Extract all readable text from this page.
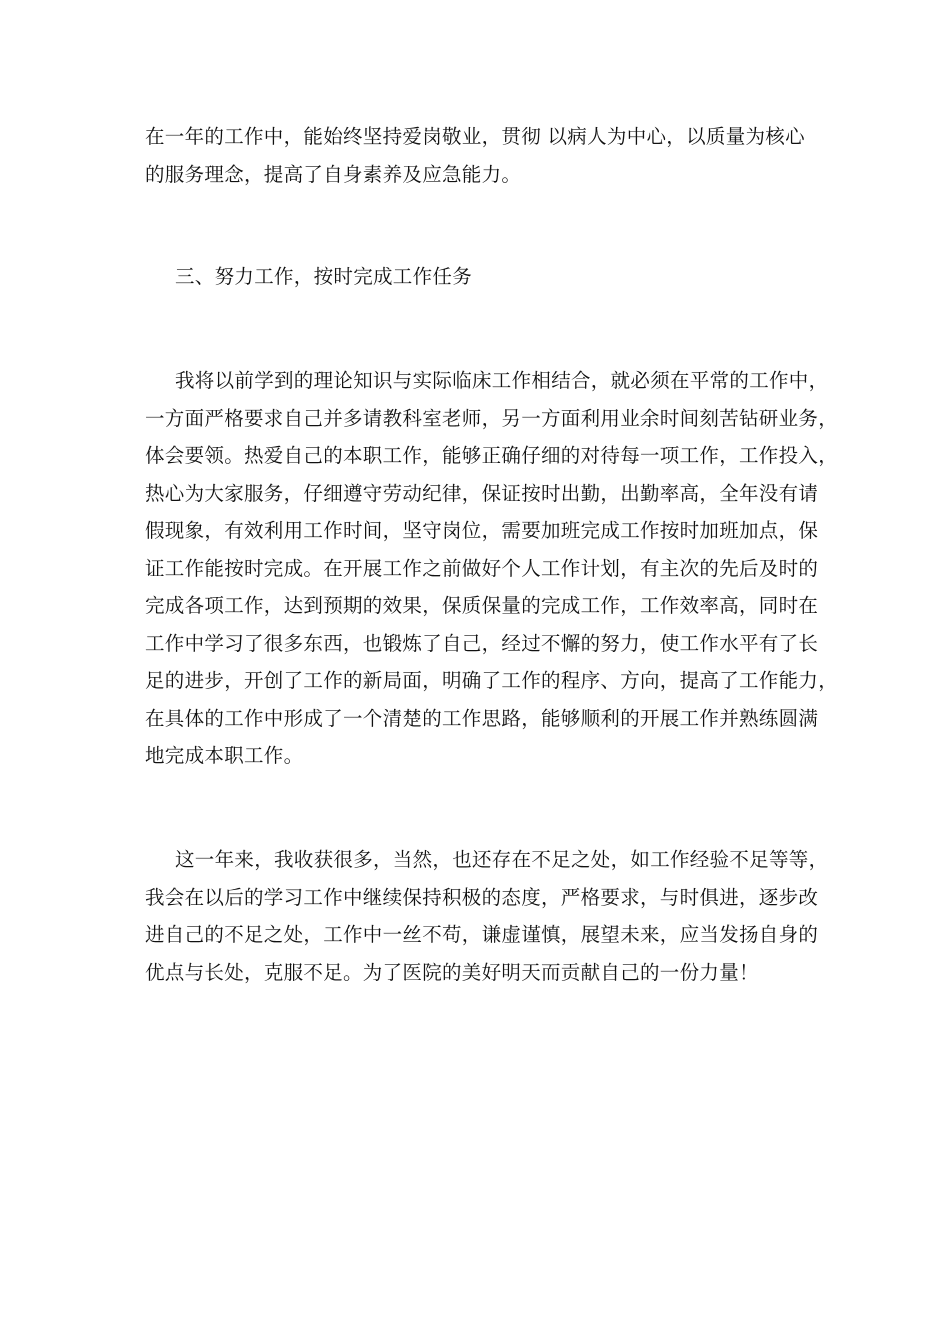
在一年的工作中，能始终坚持爱岗敬业，贯彻 以病人为中心，以质量为核心
的服务理念，提高了自身素养及应急能力。
三、努力工作，按时完成工作任务
我将以前学到的理论知识与实际临床工作相结合，就必须在平常的工作中，
一方面严格要求自己并多请教科室老师，另一方面利用业余时间刻苦钻研业务，
体会要领。热爱自己的本职工作，能够正确仔细的对待每一项工作，工作投入，
热心为大家服务，仔细遵守劳动纪律，保证按时出勤，出勤率高，全年没有请
假现象，有效利用工作时间，坚守岗位，需要加班完成工作按时加班加点，保
证工作能按时完成。在开展工作之前做好个人工作计划，有主次的先后及时的
完成各项工作，达到预期的效果，保质保量的完成工作，工作效率高，同时在
工作中学习了很多东西，也锻炼了自己，经过不懈的努力，使工作水平有了长
足的进步，开创了工作的新局面，明确了工作的程序、方向，提高了工作能力，
在具体的工作中形成了一个清楚的工作思路，能够顺利的开展工作并熟练圆满
地完成本职工作。
这一年来，我收获很多，当然，也还存在不足之处，如工作经验不足等等，
我会在以后的学习工作中继续保持积极的态度，严格要求，与时俱进，逐步改
进自己的不足之处，工作中一丝不苟，谦虚谨慎，展望未来，应当发扬自身的
优点与长处，克服不足。为了医院的美好明天而贡献自己的一份力量！
